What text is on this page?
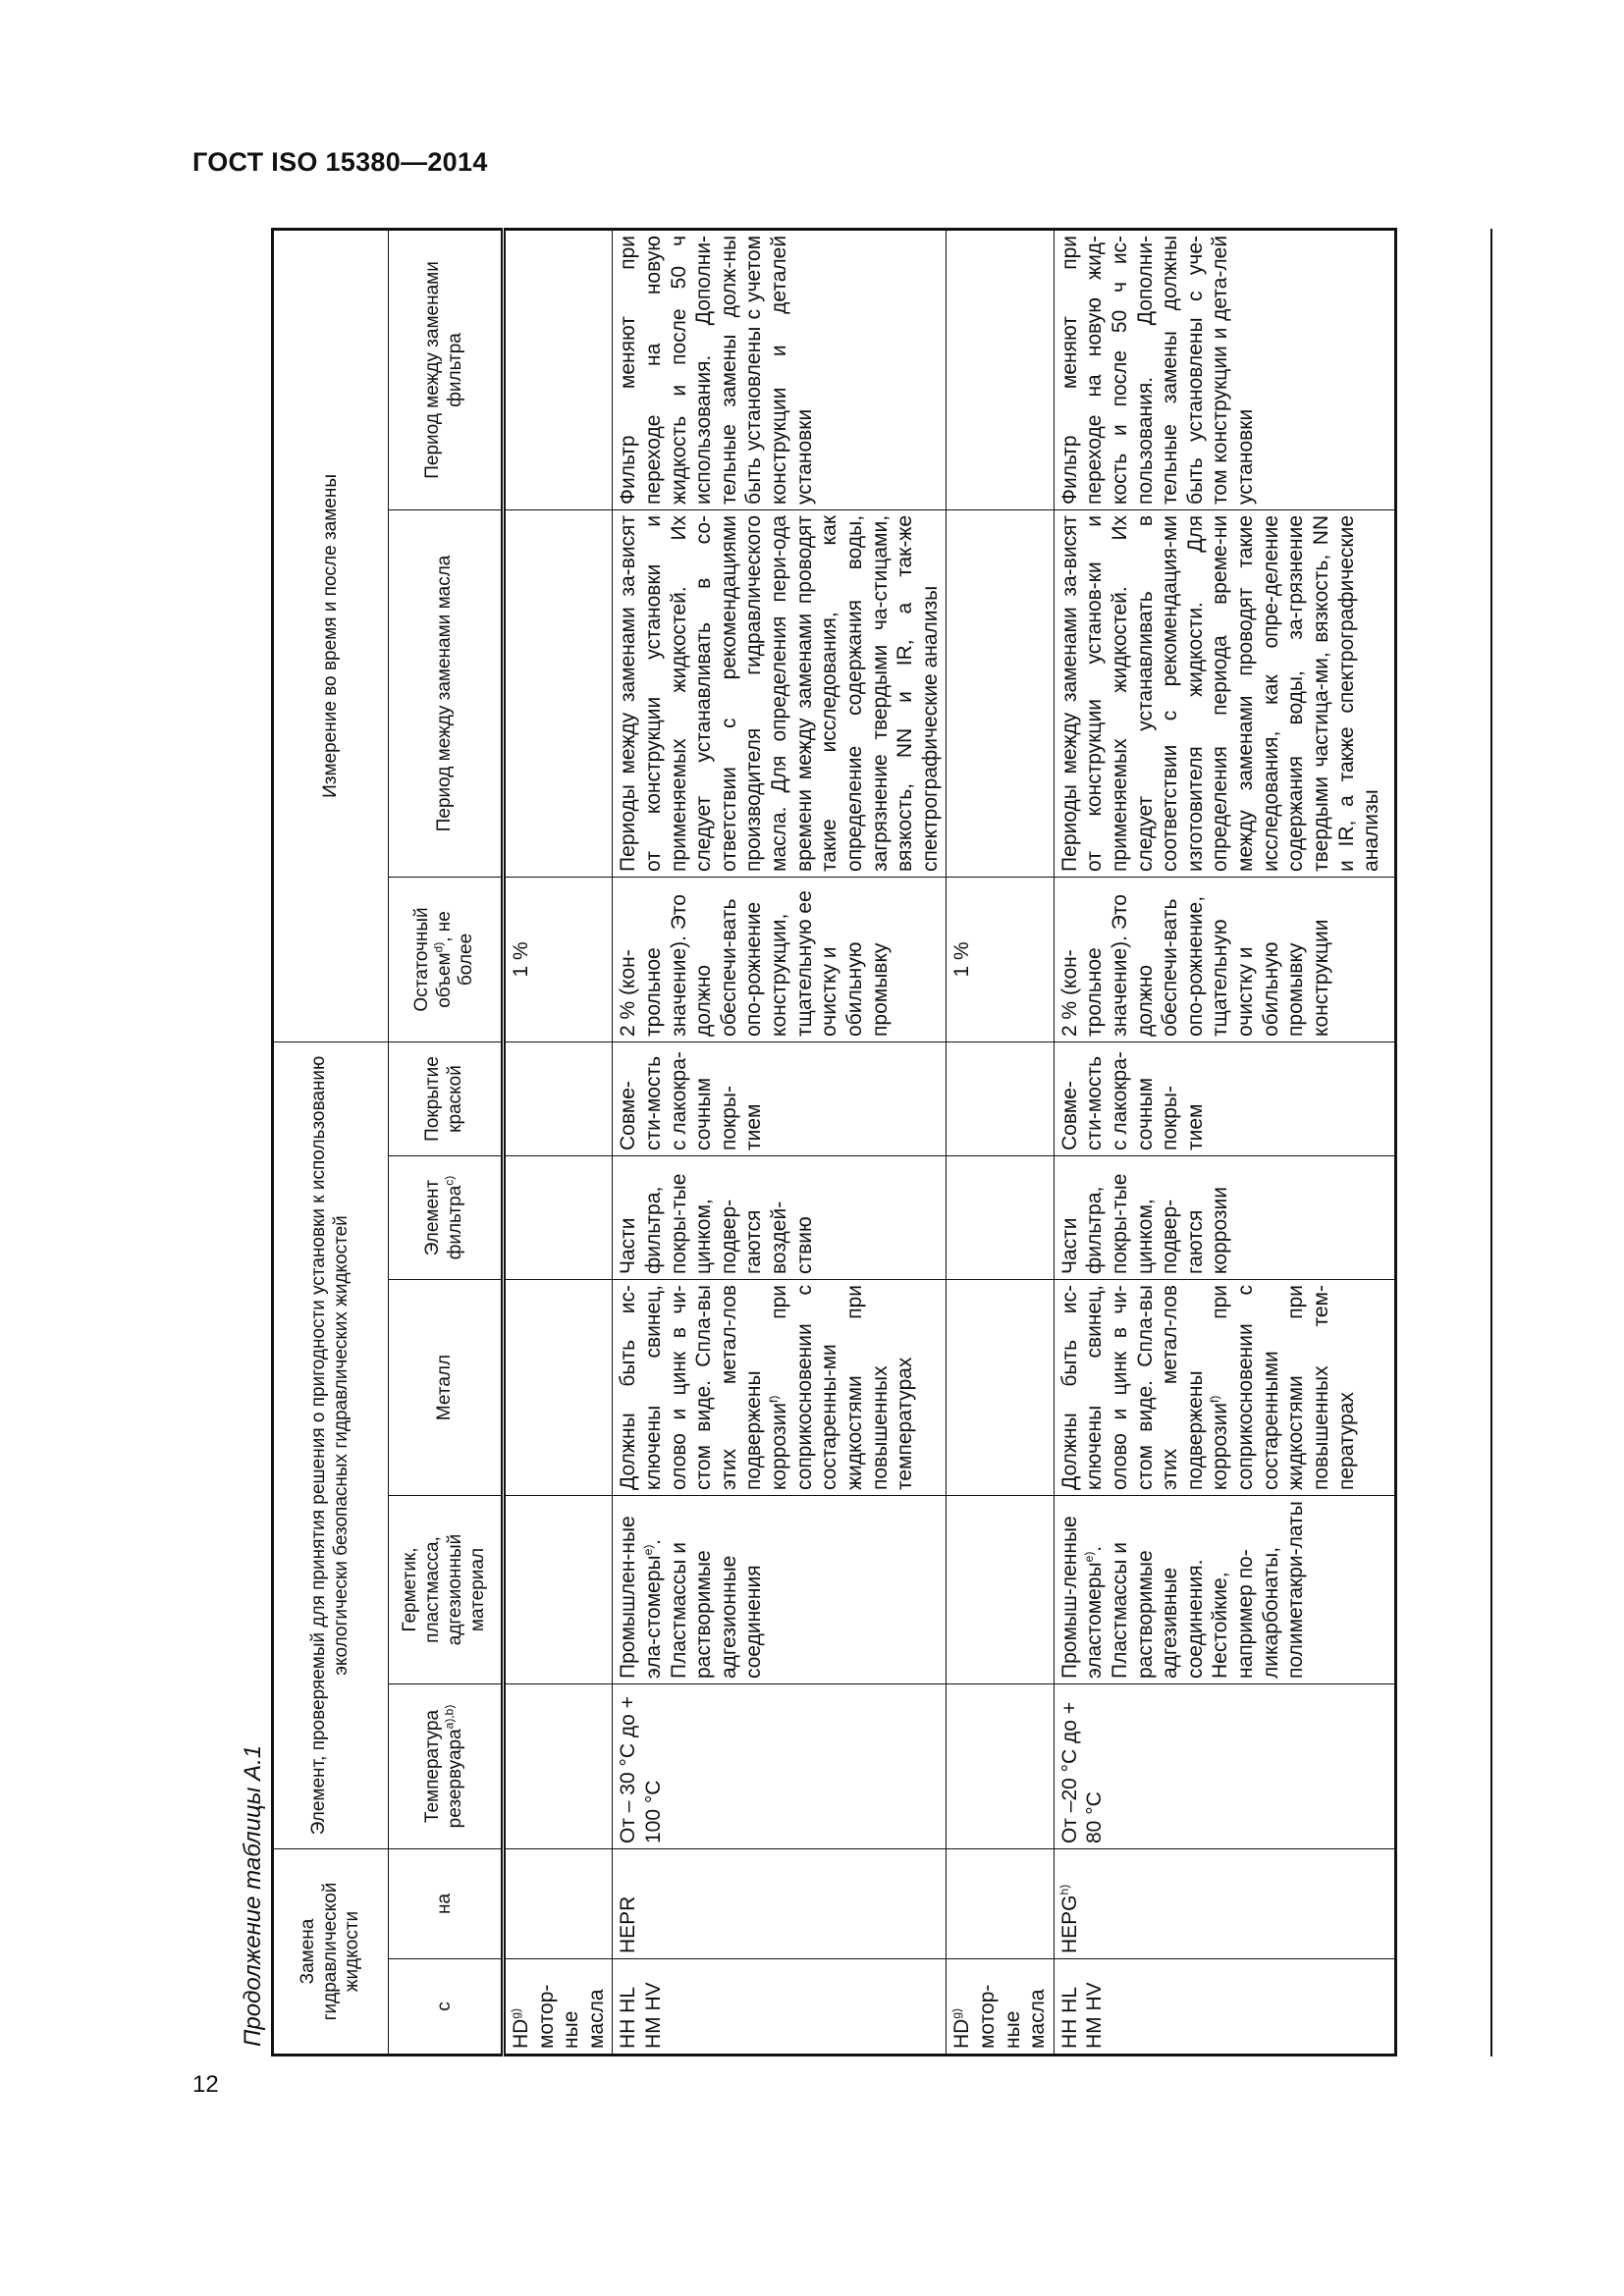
ГОСТ ISO 15380—2014
Продолжение таблицы А.1	Замена гидравлической жидкости		Элемент, проверяемый для принятия решения о пригодности установки к использованию экологически безопасных гидравлических жидкостей					Измерение во время и после замены		
с	на	Температура резервуара$^{a),b)}$	Герметик, пластмасса, адгезионный материал	Металл	Элемент фильтра$^{c)}$	Покрытие краской	Остаточный объем$^{d)}$, не более	Период между заменами масла	Период между заменами фильтра
HD$^{g)}$ мотор-ные масла							1 %		
HH HL HM HV	HEPR	От – 30 °С до + 100 °С	Промышлен-ные эла-стомеры$^{e)}$. Пластмассы и растворимые адгезионные соединения	Должны быть ис-ключены свинец, олово и цинк в чи-стом виде. Спла-вы этих метал-лов подвержены коррозии$^{f)}$ при соприкосновении с состаренны-ми жидкостями при повышенных температурах	Части фильтра, покры-тые цинком, подвер-гаются воздей-ствию	Совме-сти-мость с лакокра-сочным покры-тием	2 % (кон-трольное значение). Это должно обеспечи-вать опо-рожнение конструкции, тщательную ее очистку и обильную промывку	Периоды между заменами за-висят от конструкции установки и применяемых жидкостей. Их следует устанавливать в со-ответствии с рекомендациями производителя гидравлического масла. Для определения пери-ода времени между заменами проводят такие исследования, как определение содержания воды, загрязнение твердыми ча-стицами, вязкость, NN и IR, а так-же спектрографические анализы	Фильтр меняют при переходе на новую жидкость и после 50 ч использования. Дополни-тельные замены долж-ны быть установлены с учетом конструкции и деталей установки
HD$^{g)}$ мотор-ные масла							1 %		
HH HL HM HV	HEPG$^{h)}$	От –20 °С до + 80 °С	Промыш-ленные эластомеры$^{e)}$. Пластмассы и растворимые адгезивные соединения. Нестойкие, например по-ликарбонаты, полиметакри-латы	Должны быть ис-ключены свинец, олово и цинк в чи-стом виде. Спла-вы этих метал-лов подвержены коррозии$^{f)}$ при соприкосновении с состаренными жидкостями при повышенных тем-пературах	Части фильтра, покры-тые цинком, подвер-гаются коррозии	Совме-сти-мость с лакокра-сочным покры-тием	2 % (кон-трольное значение). Это должно обеспечи-вать опо-рожнение, тщательную очистку и обильную промывку конструкции	Периоды между заменами за-висят от конструкции установ-ки и применяемых жидкостей. Их следует устанавливать в соответствии с рекомендация-ми изготовителя жидкости. Для определения периода време-ни между заменами проводят такие исследования, как опре-деление содержания воды, за-грязнение твердыми частица-ми, вязкость, NN и IR, а также спектрографические анализы	Фильтр меняют при переходе на новую жид-кость и после 50 ч ис-пользования. Дополни-тельные замены должны быть установлены с уче-том конструкции и дета-лей установки
12
